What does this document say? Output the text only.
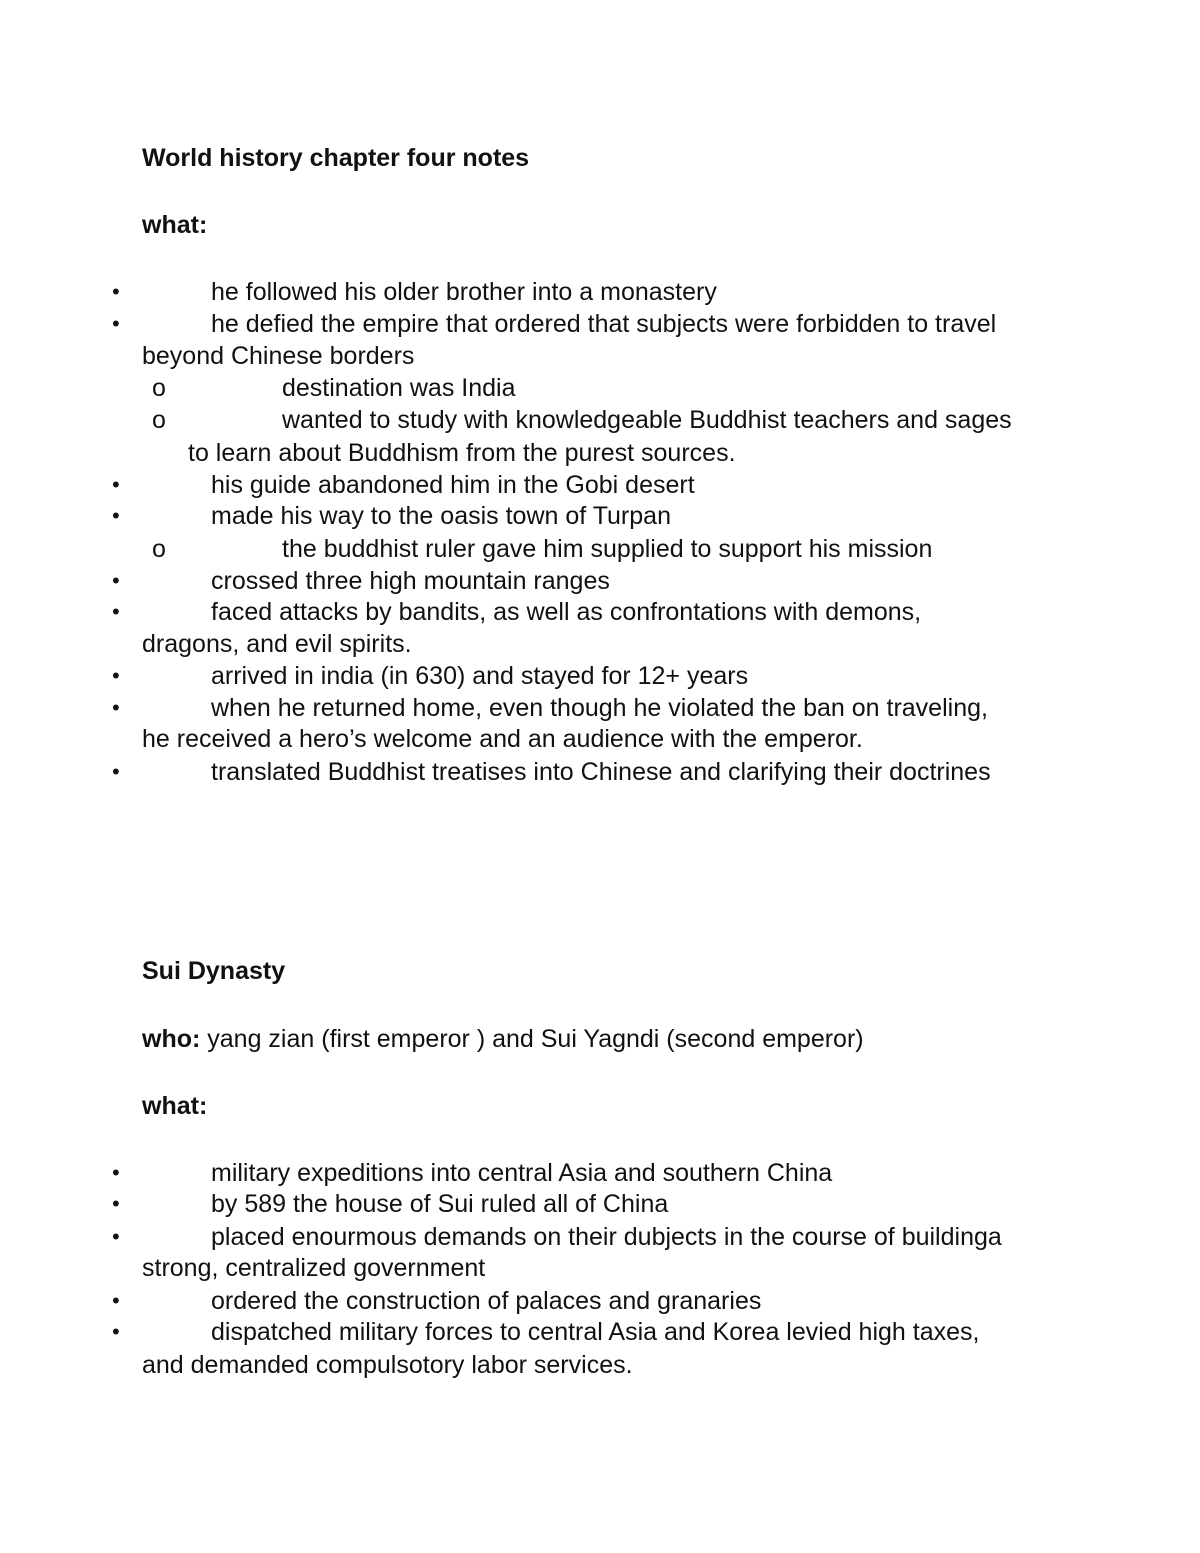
World history chapter four notes
what:
•	he followed his older brother into a monastery
•	he defied the empire that ordered that subjects were forbidden to travel
beyond Chinese borders
o	destination was India
o	wanted to study with knowledgeable Buddhist teachers and sages
to learn about Buddhism from the purest sources.
•	his guide abandoned him in the Gobi desert
•	made his way to the oasis town of Turpan
o	the buddhist ruler gave him supplied to support his mission
•	crossed three high mountain ranges
•	faced attacks by bandits, as well as confrontations with demons,
dragons, and evil spirits.
•	arrived in india (in 630) and stayed for 12+ years
•	when he returned home, even though he violated the ban on traveling,
he received a hero’s welcome and an audience with the emperor.
•	translated Buddhist treatises into Chinese and clarifying their doctrines
Sui Dynasty
who: yang zian (first emperor ) and Sui Yagndi (second emperor)
what:
•	military expeditions into central Asia and southern China
•	by 589 the house of Sui ruled all of China
•	placed enourmous demands on their dubjects in the course of buildinga
strong, centralized government
•	ordered the construction of palaces and granaries
•	dispatched military forces to central Asia and Korea levied high taxes,
and demanded compulsotory labor services.
